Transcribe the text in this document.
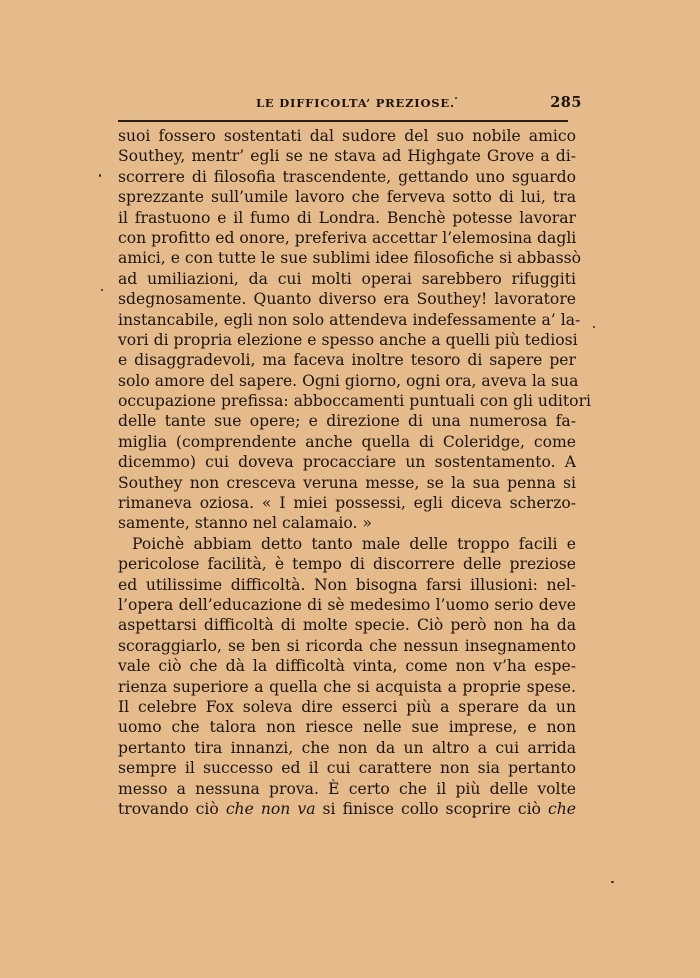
LE DIFFICOLTA’ PREZIOSE.	285
suoi fossero sostentati dal sudore del suo nobile amico
Southey, mentr’ egli se ne stava ad Highgate Grove a di-
scorrere di filosofia trascendente, gettando uno sguardo
sprezzante sull’umile lavoro che ferveva sotto di lui, tra
il frastuono e il fumo di Londra. Benchè potesse lavorar
con profitto ed onore, preferiva accettar l’elemosina dagli
amici, e con tutte le sue sublimi idee filosofiche si abbassò
ad umiliazioni, da cui molti operai sarebbero rifuggiti
sdegnosamente. Quanto diverso era Southey! lavoratore
instancabile, egli non solo attendeva indefessamente a’ la-
vori di propria elezione e spesso anche a quelli più tediosi
e disaggradevoli, ma faceva inoltre tesoro di sapere per
solo amore del sapere. Ogni giorno, ogni ora, aveva la sua
occupazione prefissa: abboccamenti puntuali con gli uditori
delle tante sue opere; e direzione di una numerosa fa-
miglia (comprendente anche quella di Coleridge, come
dicemmo) cui doveva procacciare un sostentamento. A
Southey non cresceva veruna messe, se la sua penna si
rimaneva oziosa. « I miei possessi, egli diceva scherzo-
samente, stanno nel calamaio. »
Poichè abbiam detto tanto male delle troppo facili e
pericolose facilità, è tempo di discorrere delle preziose
ed utilissime difficoltà. Non bisogna farsi illusioni: nel-
l’opera dell’educazione di sè medesimo l’uomo serio deve
aspettarsi difficoltà di molte specie. Ciò però non ha da
scoraggiarlo, se ben si ricorda che nessun insegnamento
vale ciò che dà la difficoltà vinta, come non v’ha espe-
rienza superiore a quella che si acquista a proprie spese.
Il celebre Fox soleva dire esserci più a sperare da un
uomo che talora non riesce nelle sue imprese, e non
pertanto tira innanzi, che non da un altro a cui arrida
sempre il successo ed il cui carattere non sia pertanto
messo a nessuna prova. È certo che il più delle volte
trovando ciò che non va si finisce collo scoprire ciò che
